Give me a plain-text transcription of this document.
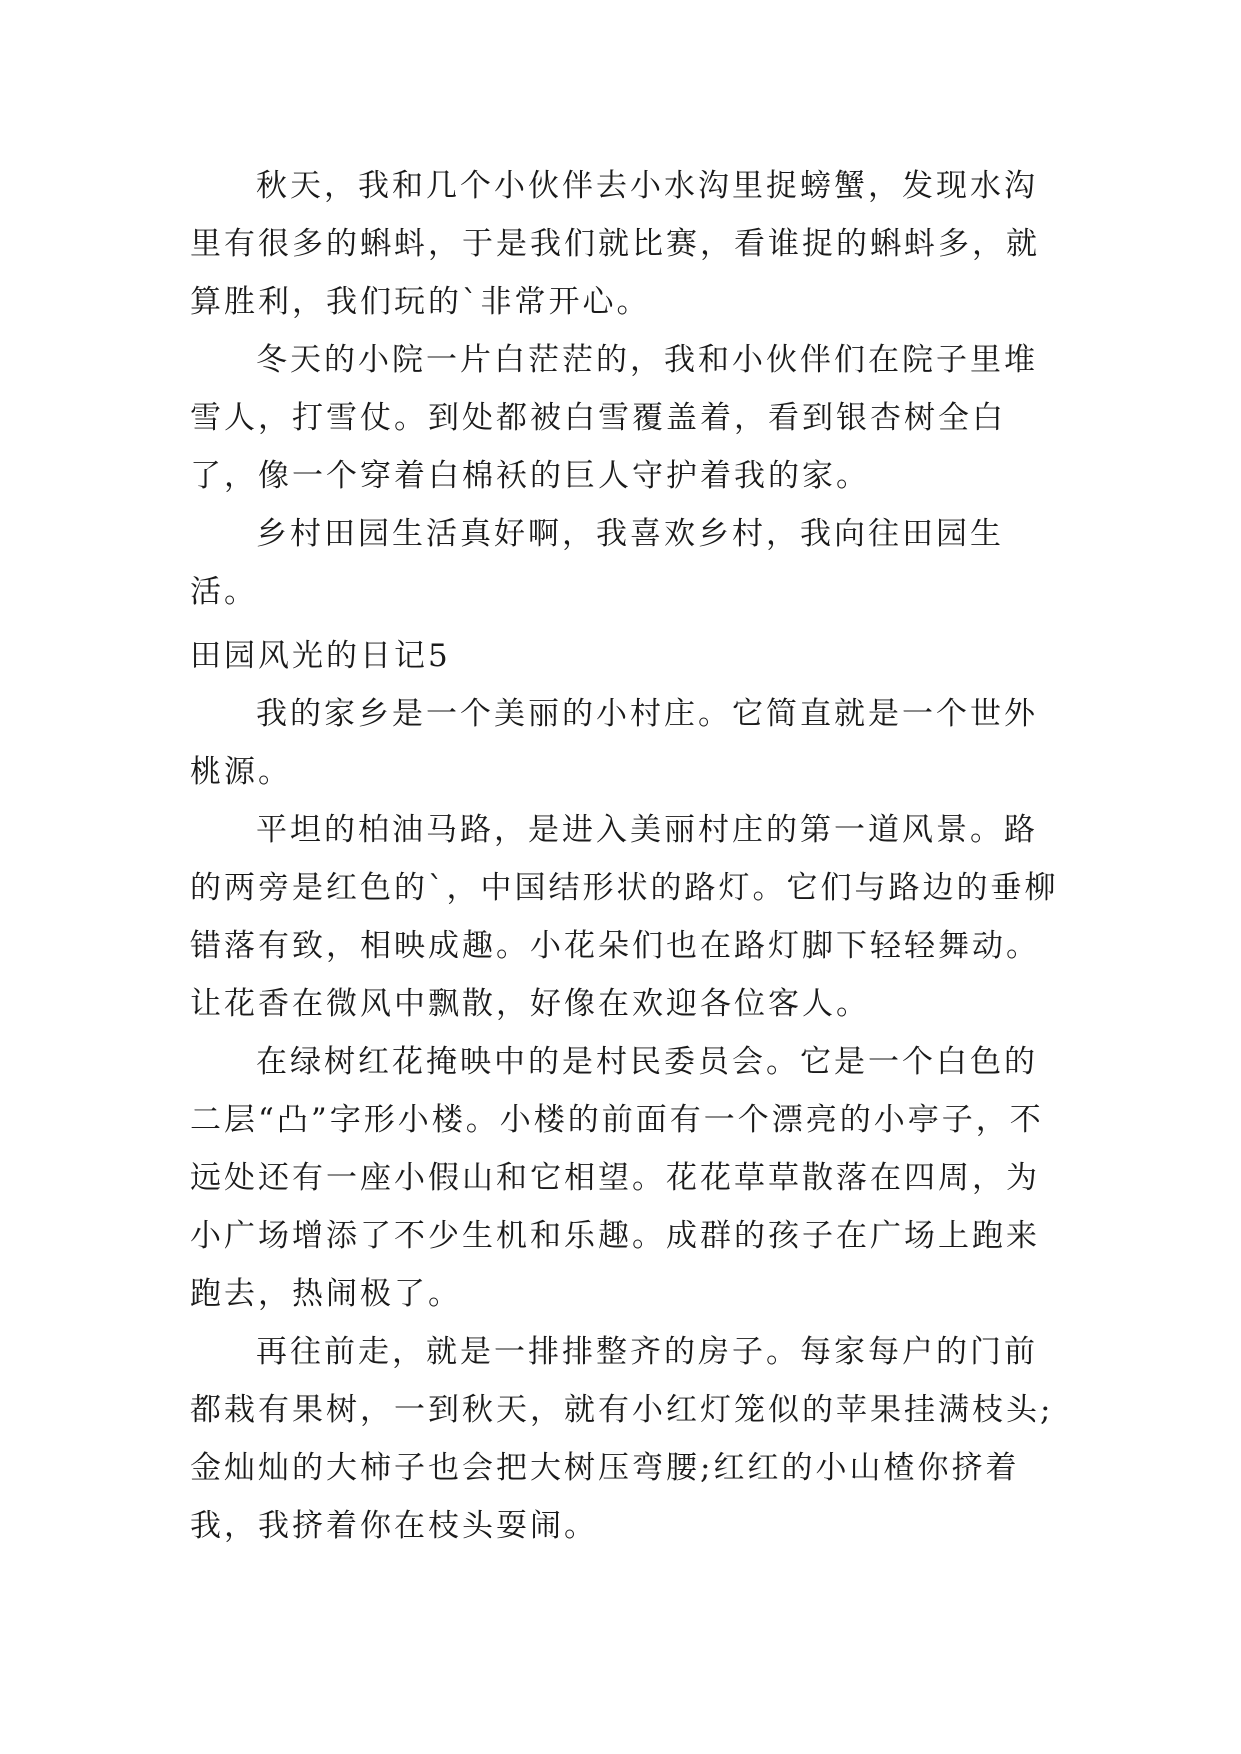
秋天，我和几个小伙伴去小水沟里捉螃蟹，发现水沟里有很多的蝌蚪，于是我们就比赛，看谁捉的蝌蚪多，就算胜利，我们玩的`非常开心。

冬天的小院一片白茫茫的，我和小伙伴们在院子里堆雪人，打雪仗。到处都被白雪覆盖着，看到银杏树全白了，像一个穿着白棉袄的巨人守护着我的家。

乡村田园生活真好啊，我喜欢乡村，我向往田园生活。

田园风光的日记5

我的家乡是一个美丽的小村庄。它简直就是一个世外桃源。

平坦的柏油马路，是进入美丽村庄的第一道风景。路的两旁是红色的`，中国结形状的路灯。它们与路边的垂柳错落有致，相映成趣。小花朵们也在路灯脚下轻轻舞动。让花香在微风中飘散，好像在欢迎各位客人。

在绿树红花掩映中的是村民委员会。它是一个白色的二层“凸”字形小楼。小楼的前面有一个漂亮的小亭子，不远处还有一座小假山和它相望。花花草草散落在四周，为小广场增添了不少生机和乐趣。成群的孩子在广场上跑来跑去，热闹极了。

再往前走，就是一排排整齐的房子。每家每户的门前都栽有果树，一到秋天，就有小红灯笼似的苹果挂满枝头;金灿灿的大柿子也会把大树压弯腰;红红的小山楂你挤着我，我挤着你在枝头耍闹。
